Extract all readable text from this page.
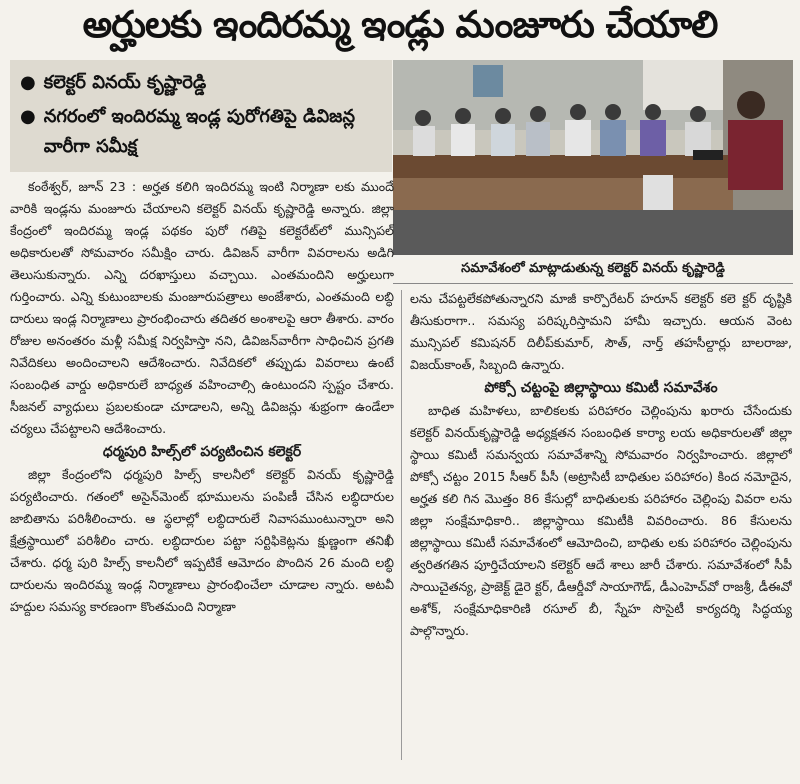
అర్హులకు ఇందిరమ్మ ఇండ్లు మంజూరు చేయాలి
● కలెక్టర్ వినయ్ కృష్ణారెడ్డి
● నగరంలో ఇందిరమ్మ ఇండ్ల పురోగతిపై డివిజన్ల వారీగా సమీక్ష
సమావేశంలో మాట్లాడుతున్న కలెక్టర్ వినయ్ కృష్ణారెడ్డి

కంఠేశ్వర్, జూన్ 23 : అర్హత కలిగి ఇందిరమ్మ ఇంటి నిర్మాణా లకు ముందే వారికి ఇండ్లను మంజూరు చేయాలని కలెక్టర్ వినయ్ కృష్ణారెడ్డి అన్నారు. జిల్లా కేంద్రంలో ఇందిరమ్మ ఇండ్ల పథకం పురో గతిపై కలెక్టరేట్‌లో మున్సిపల్ అధికారులతో సోమవారం సమీక్షిం చారు. డివిజన్ వారీగా వివరాలను అడిగి తెలుసుకున్నారు. ఎన్ని దరఖాస్తులు వచ్చాయి. ఎంతమందిని అర్హులుగా గుర్తించారు. ఎన్ని కుటుంబాలకు మంజూరుపత్రాలు అంజేశారు, ఎంతమంది లబ్ధి దారులు ఇండ్ల నిర్మాణాలు ప్రారంభించారు తదితర అంశాలపై ఆరా తీశారు. వారం రోజుల అనంతరం మళ్లీ సమీక్ష నిర్వహిస్తా నని, డివిజన్‌వారీగా సాధించిన ప్రగతి నివేదికలు అందించాలని ఆదేశించారు. నివేదికలో తప్పుడు వివరాలు ఉంటే సంబంధిత వార్డు అధికారులే బాధ్యత వహించాల్సి ఉంటుందని స్పష్టం చేశారు. సీజనల్ వ్యాధులు ప్రబలకుండా చూడాలని, అన్ని డివిజన్లు శుభ్రంగా ఉండేలా చర్యలు చేపట్టాలని ఆదేశించారు.

ధర్మపురి హిల్స్‌లో పర్యటించిన కలెక్టర్

జిల్లా కేంద్రంలోని ధర్మపురి హిల్స్ కాలనీలో కలెక్టర్ వినయ్ కృష్ణారెడ్డి పర్యటించారు. గతంలో అసైన్‌మెంట్ భూములను పంపిణీ చేసిన లబ్ధిదారుల జాబితాను పరిశీలించారు. ఆ స్థలాల్లో లబ్ధిదారులే నివాసముంటున్నారా అని క్షేత్రస్థాయిలో పరిశీలిం చారు. లబ్ధిదారుల పట్టా సర్టిఫికెట్లను క్షుణ్ణంగా తనిఖీ చేశారు. ధర్మ పురి హిల్స్ కాలనీలో ఇప్పటికే ఆమోదం పొందిన 26 మంది లబ్ధి దారులను ఇందిరమ్మ ఇండ్ల నిర్మాణాలు ప్రారంభించేలా చూడాల న్నారు. అటవీ హద్దుల సమస్య కారణంగా కొంతమంది నిర్మాణా

లను చేపట్టలేకపోతున్నారని మాజీ కార్పొరేటర్ హరూన్ కలెక్టర్ కలె క్టర్ దృష్టికి తీసుకురాగా.. సమస్య పరిష్కరిస్తామని హామీ ఇచ్చారు. ఆయన వెంట మున్సిపల్ కమిషనర్ దిలీప్‌కుమార్, సౌత్, నార్త్ తహసీల్దార్లు బాలరాజు, విజయ్‌కాంత్, సిబ్బంది ఉన్నారు.

పోక్సో చట్టంపై జిల్లాస్థాయి కమిటీ సమావేశం

బాధిత మహిళలు, బాలికలకు పరిహారం చెల్లింపును ఖరారు చేసేందుకు కలెక్టర్ వినయ్‌కృష్ణారెడ్డి అధ్యక్షతన సంబంధిత కార్యా లయ అధికారులతో జిల్లా స్థాయి కమిటీ సమన్వయ సమావేశాన్ని సోమవారం నిర్వహించారు. జిల్లాలో పోక్సో చట్టం 2015 సీఆర్ పీసీ (అట్రాసిటీ బాధితుల పరిహారం) కింద నమోదైన, అర్హత కలి గిన మొత్తం 86 కేసుల్లో బాధితులకు పరిహారం చెల్లింపు వివరా లను జిల్లా సంక్షేమాధికారి.. జిల్లాస్థాయి కమిటీకి వివరించారు. 86 కేసులను జిల్లాస్థాయి కమిటీ సమావేశంలో ఆమోదించి, బాధితు లకు పరిహారం చెల్లింపును త్వరితగతిన పూర్తిచేయాలని కలెక్టర్ ఆదే శాలు జారీ చేశారు. సమావేశంలో సీపీ సాయిచైతన్య, ప్రాజెక్ట్ డైరె క్టర్, డీఆర్డీవో సాయాగౌడ్, డీఎంహెచ్‌వో రాజశ్రీ, డీఈవో అశోక్, సంక్షేమాధికారిణి రసూల్ బీ, స్నేహ సొసైటీ కార్యదర్శి సిద్ధయ్య పాల్గొన్నారు.
